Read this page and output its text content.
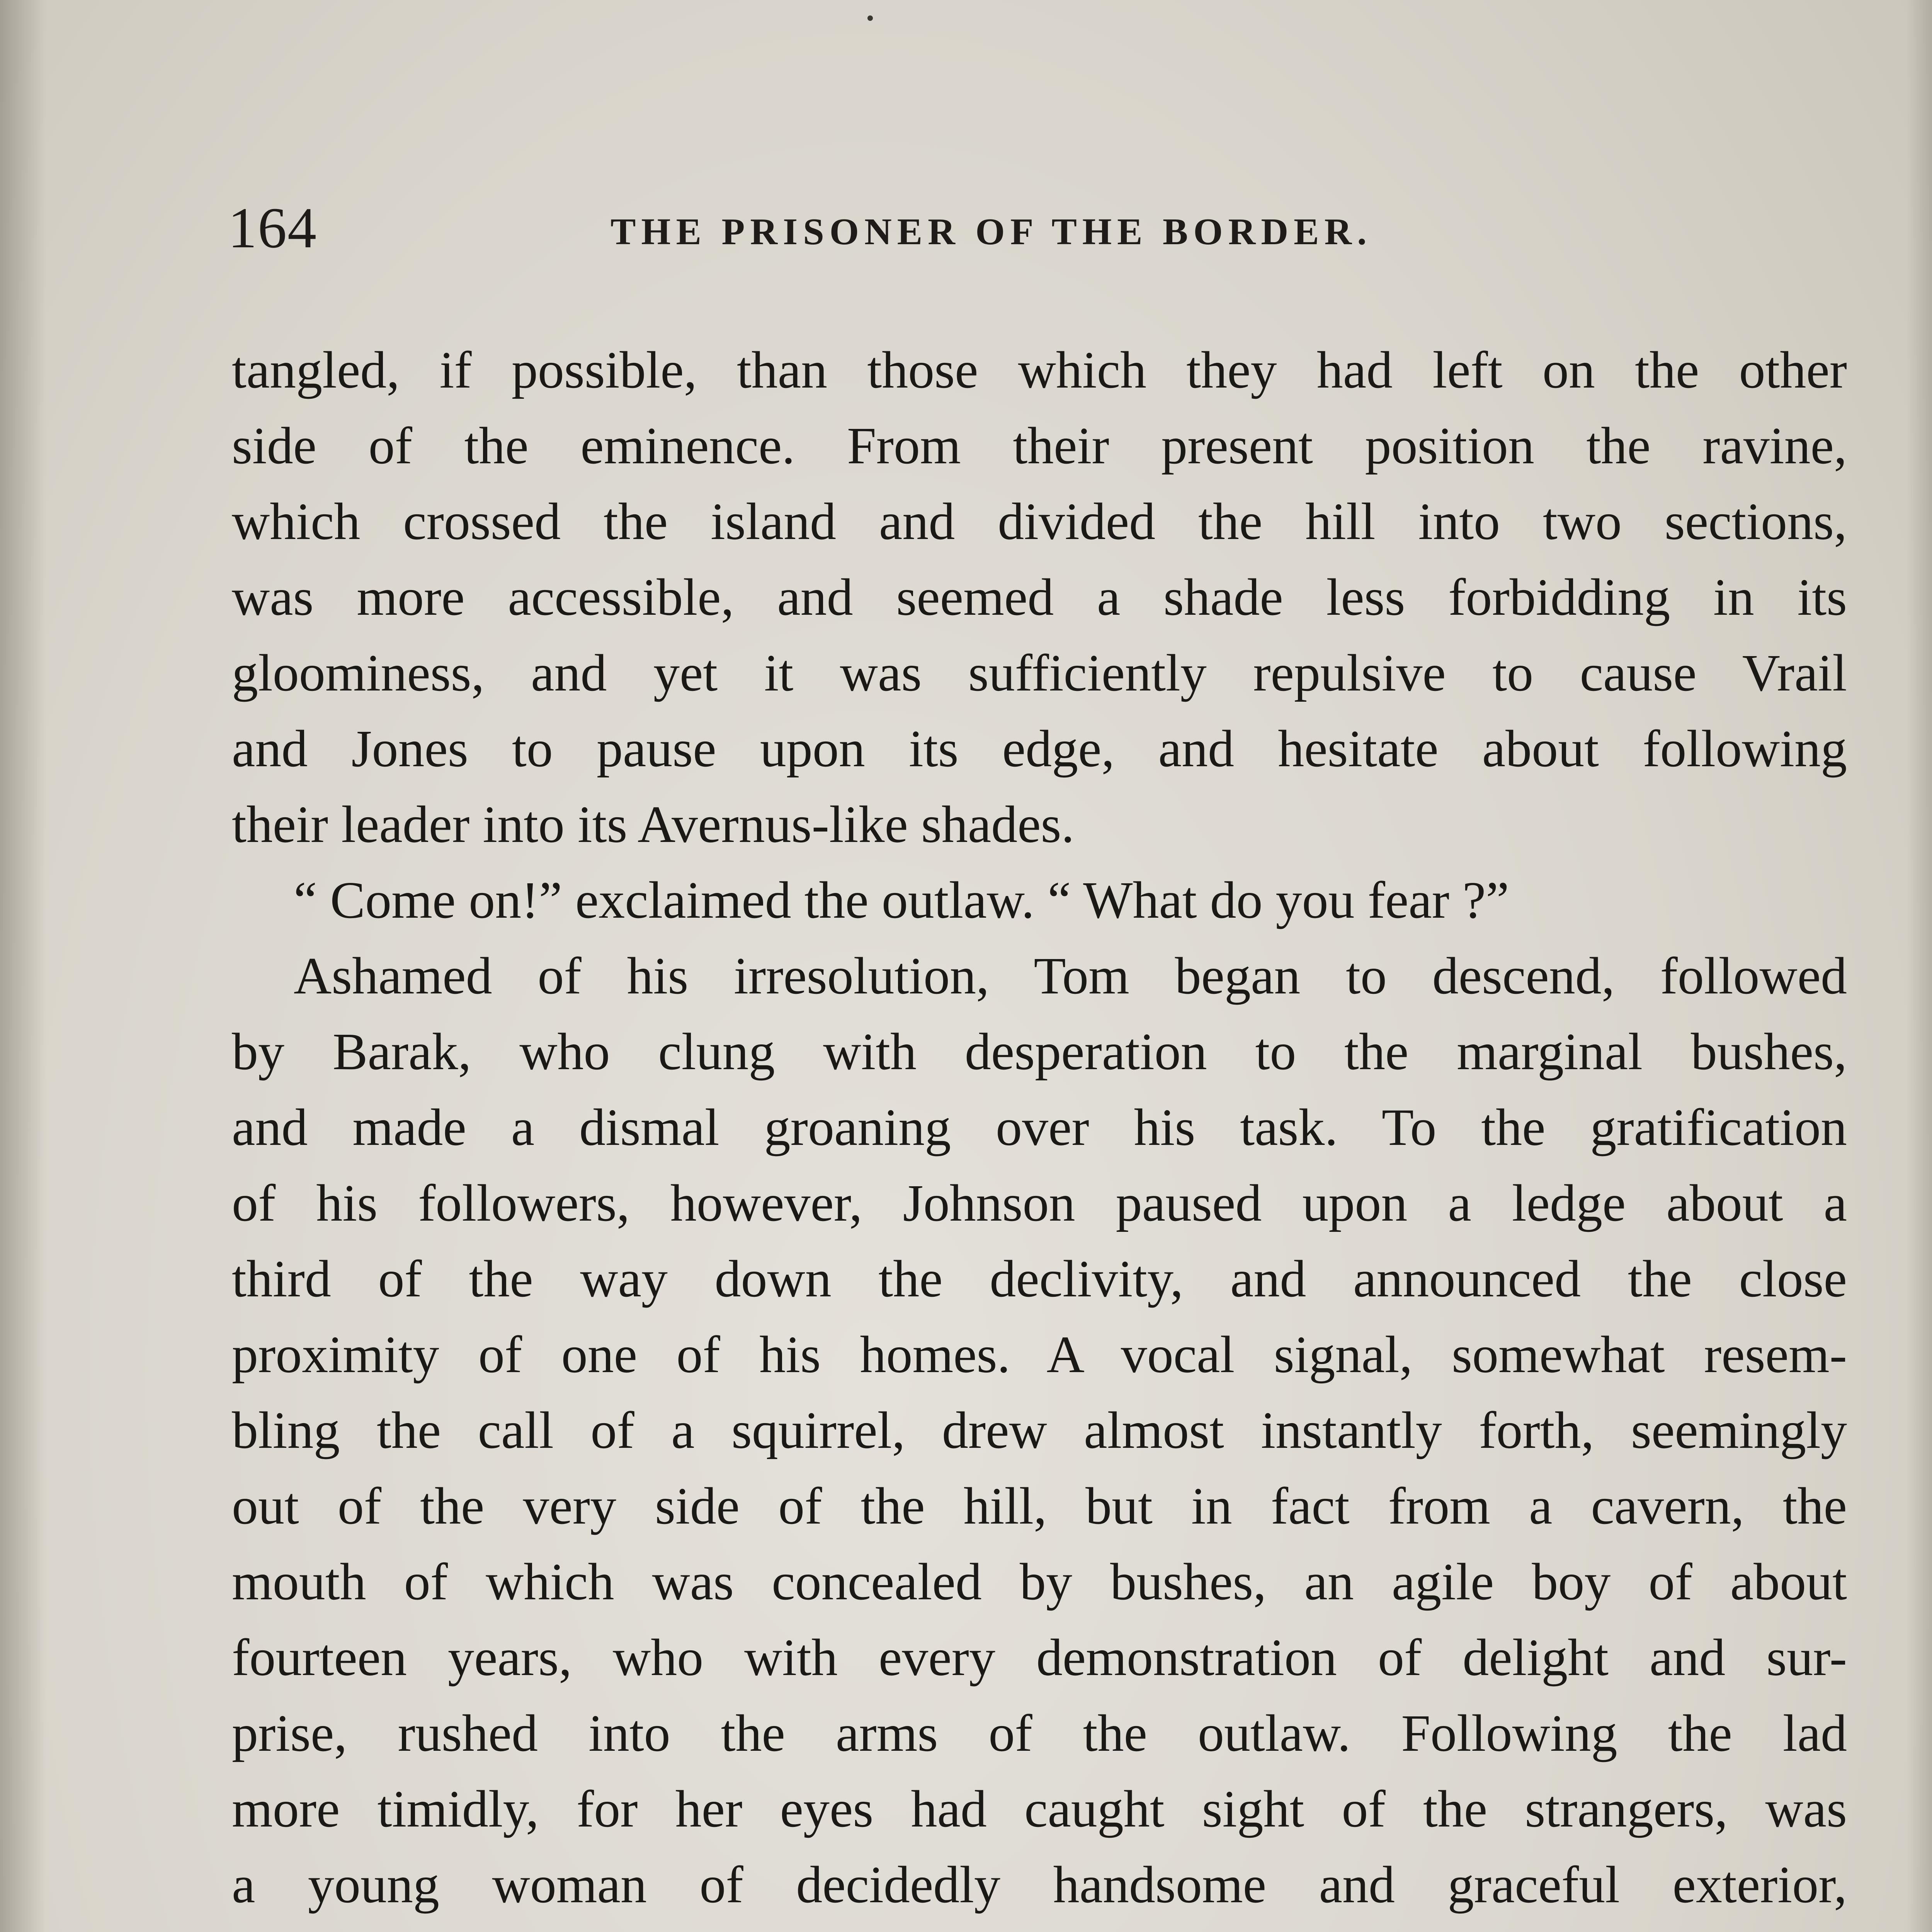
164	THE PRISONER OF THE BORDER.
tangled, if possible, than those which they had left on the other
side of the eminence. From their present position the ravine,
which crossed the island and divided the hill into two sections,
was more accessible, and seemed a shade less forbidding in its
gloominess, and yet it was sufficiently repulsive to cause Vrail
and Jones to pause upon its edge, and hesitate about following
their leader into its Avernus-like shades.
“ Come on!” exclaimed the outlaw. “ What do you fear ?”
Ashamed of his irresolution, Tom began to descend, followed
by Barak, who clung with desperation to the marginal bushes,
and made a dismal groaning over his task. To the gratification
of his followers, however, Johnson paused upon a ledge about a
third of the way down the declivity, and announced the close
proximity of one of his homes. A vocal signal, somewhat resem-
bling the call of a squirrel, drew almost instantly forth, seemingly
out of the very side of the hill, but in fact from a cavern, the
mouth of which was concealed by bushes, an agile boy of about
fourteen years, who with every demonstration of delight and sur-
prise, rushed into the arms of the outlaw. Following the lad
more timidly, for her eyes had caught sight of the strangers, was
a young woman of decidedly handsome and graceful exterior,
